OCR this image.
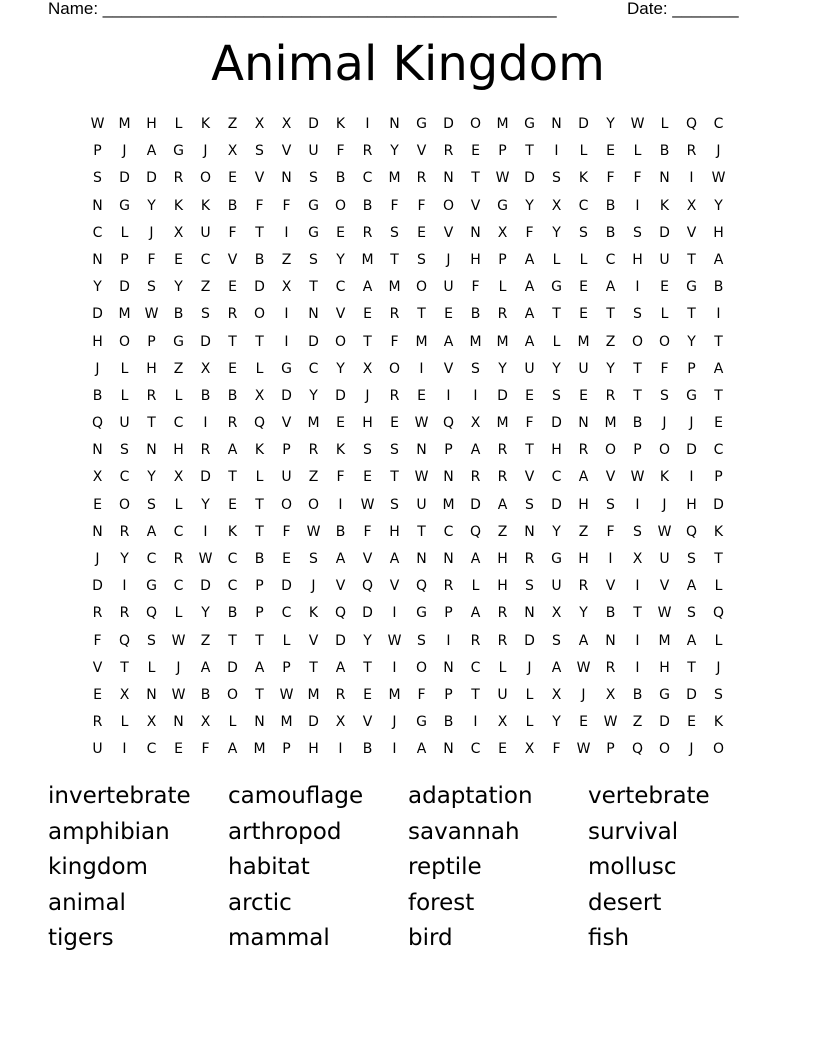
Name: ________________________________________________	Date: _______
Animal Kingdom
W	M	H	L	K	Z	X	X	D	K	I	N	G	D	O	M	G	N	D	Y	W	L	Q	C
P	J	A	G	J	X	S	V	U	F	R	Y	V	R	E	P	T	I	L	E	L	B	R	J
S	D	D	R	O	E	V	N	S	B	C	M	R	N	T	W	D	S	K	F	F	N	I	W
N	G	Y	K	K	B	F	F	G	O	B	F	F	O	V	G	Y	X	C	B	I	K	X	Y
C	L	J	X	U	F	T	I	G	E	R	S	E	V	N	X	F	Y	S	B	S	D	V	H
N	P	F	E	C	V	B	Z	S	Y	M	T	S	J	H	P	A	L	L	C	H	U	T	A
Y	D	S	Y	Z	E	D	X	T	C	A	M	O	U	F	L	A	G	E	A	I	E	G	B
D	M	W	B	S	R	O	I	N	V	E	R	T	E	B	R	A	T	E	T	S	L	T	I
H	O	P	G	D	T	T	I	D	O	T	F	M	A	M	M	A	L	M	Z	O	O	Y	T
J	L	H	Z	X	E	L	G	C	Y	X	O	I	V	S	Y	U	Y	U	Y	T	F	P	A
B	L	R	L	B	B	X	D	Y	D	J	R	E	I	I	D	E	S	E	R	T	S	G	T
Q	U	T	C	I	R	Q	V	M	E	H	E	W	Q	X	M	F	D	N	M	B	J	J	E
N	S	N	H	R	A	K	P	R	K	S	S	N	P	A	R	T	H	R	O	P	O	D	C
X	C	Y	X	D	T	L	U	Z	F	E	T	W	N	R	R	V	C	A	V	W	K	I	P
E	O	S	L	Y	E	T	O	O	I	W	S	U	M	D	A	S	D	H	S	I	J	H	D
N	R	A	C	I	K	T	F	W	B	F	H	T	C	Q	Z	N	Y	Z	F	S	W	Q	K
J	Y	C	R	W	C	B	E	S	A	V	A	N	N	A	H	R	G	H	I	X	U	S	T
D	I	G	C	D	C	P	D	J	V	Q	V	Q	R	L	H	S	U	R	V	I	V	A	L
R	R	Q	L	Y	B	P	C	K	Q	D	I	G	P	A	R	N	X	Y	B	T	W	S	Q
F	Q	S	W	Z	T	T	L	V	D	Y	W	S	I	R	R	D	S	A	N	I	M	A	L
V	T	L	J	A	D	A	P	T	A	T	I	O	N	C	L	J	A	W	R	I	H	T	J
E	X	N	W	B	O	T	W	M	R	E	M	F	P	T	U	L	X	J	X	B	G	D	S
R	L	X	N	X	L	N	M	D	X	V	J	G	B	I	X	L	Y	E	W	Z	D	E	K
U	I	C	E	F	A	M	P	H	I	B	I	A	N	C	E	X	F	W	P	Q	O	J	O
invertebrate	camouflage	adaptation	vertebrate
amphibian	arthropod	savannah	survival
kingdom	habitat	reptile	mollusc
animal	arctic	forest	desert
tigers	mammal	bird	fish
